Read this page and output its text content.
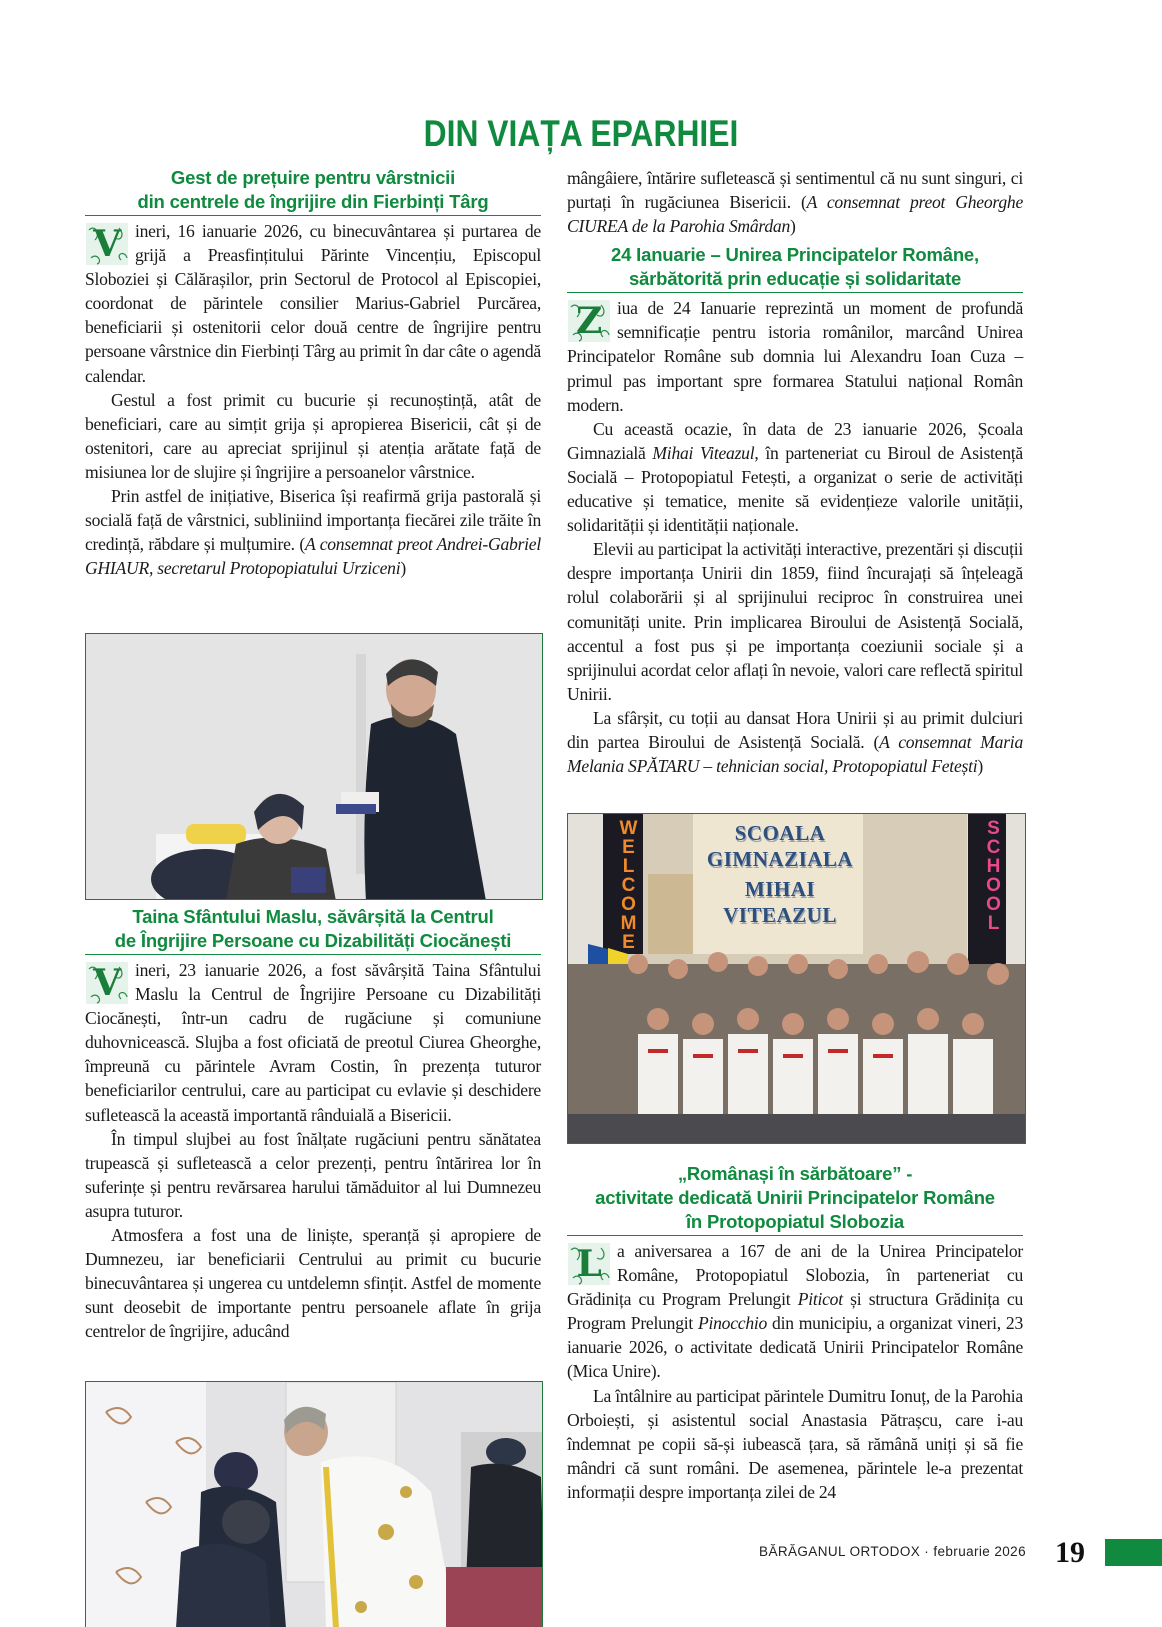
DIN VIAȚA EPARHIEI
Gest de prețuire pentru vârstnicii
din centrele de îngrijire din Fierbinți Târg

V ineri, 16 ianuarie 2026, cu binecuvântarea și purtarea de grijă a Preasfințitului Părinte Vincențiu, Episcopul Sloboziei și Călărașilor, prin Sectorul de Protocol al Episcopiei, coordonat de părintele consilier Marius-Gabriel Purcărea, beneficiarii și ostenitorii celor două centre de îngrijire pentru persoane vârstnice din Fierbinți Târg au primit în dar câte o agendă calendar.

Gestul a fost primit cu bucurie și recunoștință, atât de beneficiari, care au simțit grija și apropierea Bisericii, cât și de ostenitori, care au apreciat sprijinul și atenția arătate față de misiunea lor de slujire și îngrijire a persoanelor vârstnice.

Prin astfel de inițiative, Biserica își reafirmă grija pastorală și socială față de vârstnici, subliniind importanța fiecărei zile trăite în credință, răbdare și mulțumire. (A consemnat preot Andrei-Gabriel GHIAUR, secretarul Protopopiatului Urziceni)

Taina Sfântului Maslu, săvârșită la Centrul
de Îngrijire Persoane cu Dizabilități Ciocănești

V ineri, 23 ianuarie 2026, a fost săvârșită Taina Sfântului Maslu la Centrul de Îngrijire Persoane cu Dizabilități Ciocănești, într-un cadru de rugăciune și comuniune duhovnicească. Slujba a fost oficiată de preotul Ciurea Gheorghe, împreună cu părintele Avram Costin, în prezența tuturor beneficiarilor centrului, care au participat cu evlavie și deschidere sufletească la această importantă rânduială a Bisericii.

În timpul slujbei au fost înălțate rugăciuni pentru sănătatea trupească și sufletească a celor prezenți, pentru întărirea lor în suferințe și pentru revărsarea harului tămăduitor al lui Dumnezeu asupra tuturor.

Atmosfera a fost una de liniște, speranță și apropiere de Dumnezeu, iar beneficiarii Centrului au primit cu bucurie binecuvântarea și ungerea cu untdelemn sfințit. Astfel de momente sunt deosebit de importante pentru persoanele aflate în grija centrelor de îngrijire, aducând

mângâiere, întărire sufletească și sentimentul că nu sunt singuri, ci purtați în rugăciunea Bisericii. (A consemnat preot Gheorghe CIUREA de la Parohia Smârdan)

24 Ianuarie – Unirea Principatelor Române,
sărbătorită prin educație și solidaritate

Z iua de 24 Ianuarie reprezintă un moment de profundă semnificație pentru istoria românilor, marcând Unirea Principatelor Române sub domnia lui Alexandru Ioan Cuza – primul pas important spre formarea Statului național Român modern.

Cu această ocazie, în data de 23 ianuarie 2026, Școala Gimnazială Mihai Viteazul, în parteneriat cu Biroul de Asistență Socială – Protopopiatul Fetești, a organizat o serie de activități educative și tematice, menite să evidențieze valorile unității, solidarității și identității naționale.

Elevii au participat la activități interactive, prezentări și discuții despre importanța Unirii din 1859, fiind încurajați să înțeleagă rolul colaborării și al sprijinului reciproc în construirea unei comunități unite. Prin implicarea Biroului de Asistență Socială, accentul a fost pus și pe importanța coeziunii sociale și a sprijinului acordat celor aflați în nevoie, valori care reflectă spiritul Unirii.

La sfârșit, cu toții au dansat Hora Unirii și au primit dulciuri din partea Biroului de Asistență Socială. (A consemnat Maria Melania SPĂTARU – tehnician social, Protopopiatul Fetești)

SCOALA
GIMNAZIALA
MIHAI
VITEAZUL
WELCOME	SCHOOL
„Românași în sărbătoare” -
activitate dedicată Unirii Principatelor Române
în Protopopiatul Slobozia

L a aniversarea a 167 de ani de la Unirea Principatelor Române, Protopopiatul Slobozia, în parteneriat cu Grădinița cu Program Prelungit Piticot și structura Grădinița cu Program Prelungit Pinocchio din municipiu, a organizat vineri, 23 ianuarie 2026, o activitate dedicată Unirii Principatelor Române (Mica Unire).

La întâlnire au participat părintele Dumitru Ionuț, de la Parohia Orboiești, și asistentul social Anastasia Pătrașcu, care i-au îndemnat pe copii să-și iubească țara, să rămână uniți și să fie mândri că sunt români. De asemenea, părintele le-a prezentat informații despre importanța zilei de 24

BĂRĂGANUL ORTODOX · februarie 2026 19
